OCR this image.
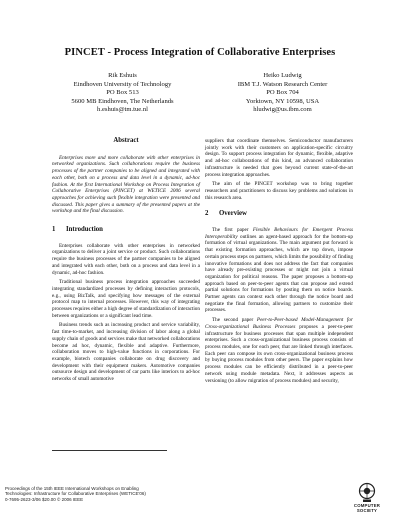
PINCET - Process Integration of Collaborative Enterprises
Rik Eshuis
Eindhoven University of Technology
PO Box 513
5600 MB Eindhoven, The Netherlands
h.eshuis@tm.tue.nl
Heiko Ludwig
IBM T.J. Watson Research Center
PO Box 704
Yorktown, NY 10598, USA
hludwig@us.ibm.com
Abstract

Enterprises more and more collaborate with other enterprises in networked organizations. Such collaborations require the business processes of the partner companies to be aligned and integrated with each other, both on a process and data level in a dynamic, ad-hoc fashion. At the first International Workshop on Process Integration of Collaborative Enterprises (PINCET) at WETICE 2006 several approaches for achieving such flexible integration were presented and discussed. This paper gives a summary of the presented papers at the workshop and the final discussion.

1 Introduction

Enterprises collaborate with other enterprises in networked organizations to deliver a joint service or product. Such collaborations require the business processes of the partner companies to be aligned and integrated with each other, both on a process and data level in a dynamic, ad-hoc fashion.

Traditional business process integration approaches succeeded integrating standardized processes by defining interaction protocols, e.g., using BizTalk, and specifying how messages of the external protocol map to internal processes. However, this way of integrating processes requires either a high degree of standardization of interaction between organizations or a significant lead time.

Business trends such as increasing product and service variability, fast time-to-market, and increasing division of labor along a global supply chain of goods and services make that networked collaborations become ad hoc, dynamic, flexible and adaptive. Furthermore, collaboration moves to high-value functions in corporations. For example, biotech companies collaborate on drug discovery and development with their equipment makers. Automotive companies outsource design and development of car parts like interiors to ad-hoc networks of small automotive

suppliers that coordinate themselves. Semiconductor manufacturers jointly work with their customers on application-specific circuitry design. To support process integration for dynamic, flexible, adaptive and ad-hoc collaborations of this kind, an advanced collaboration infrastructure is needed that goes beyond current state-of-the-art process integration approaches.

The aim of the PINCET workshop was to bring together researchers and practitioners to discuss key problems and solutions in this research area.

2 Overview

The first paper Flexible Behaviours for Emergent Process Interoperability outlines an agent-based approach for the bottom-up formation of virtual organizations. The main argument put forward is that existing formation approaches, which are top down, impose certain process steps on partners, which limits the possibility of finding innovative formations and does not address the fact that companies have already pre-existing processes or might not join a virtual organization for political reasons. The paper proposes a bottom-up approach based on peer-to-peer agents that can propose and extend partial solutions for formations by posting them on notice boards. Partner agents can context each other through the notice board and negotiate the final formation, allowing partners to customize their processes.

The second paper Peer-to-Peer-based Model-Management for Cross-organizational Business Processes proposes a peer-to-peer infrastructure for business processes that span multiple independent enterprises. Such a cross-organizational business process consists of process modules, one for each peer, that are linked through interfaces. Each peer can compose its own cross-organizational business process by buying process modules from other peers. The paper explains how process modules can be efficiently distributed in a peer-to-peer network using module metadata. Next, it addresses aspects as versioning (to allow migration of process modules) and security,

Proceedings of the 15th IEEE International Workshops on Enabling
Technologies: Infrastructure for Collaborative Enterprises (WETICE'06)
0-7695-2623-3/06 $20.00 © 2006 IEEE
COMPUTER
SOCIETY
